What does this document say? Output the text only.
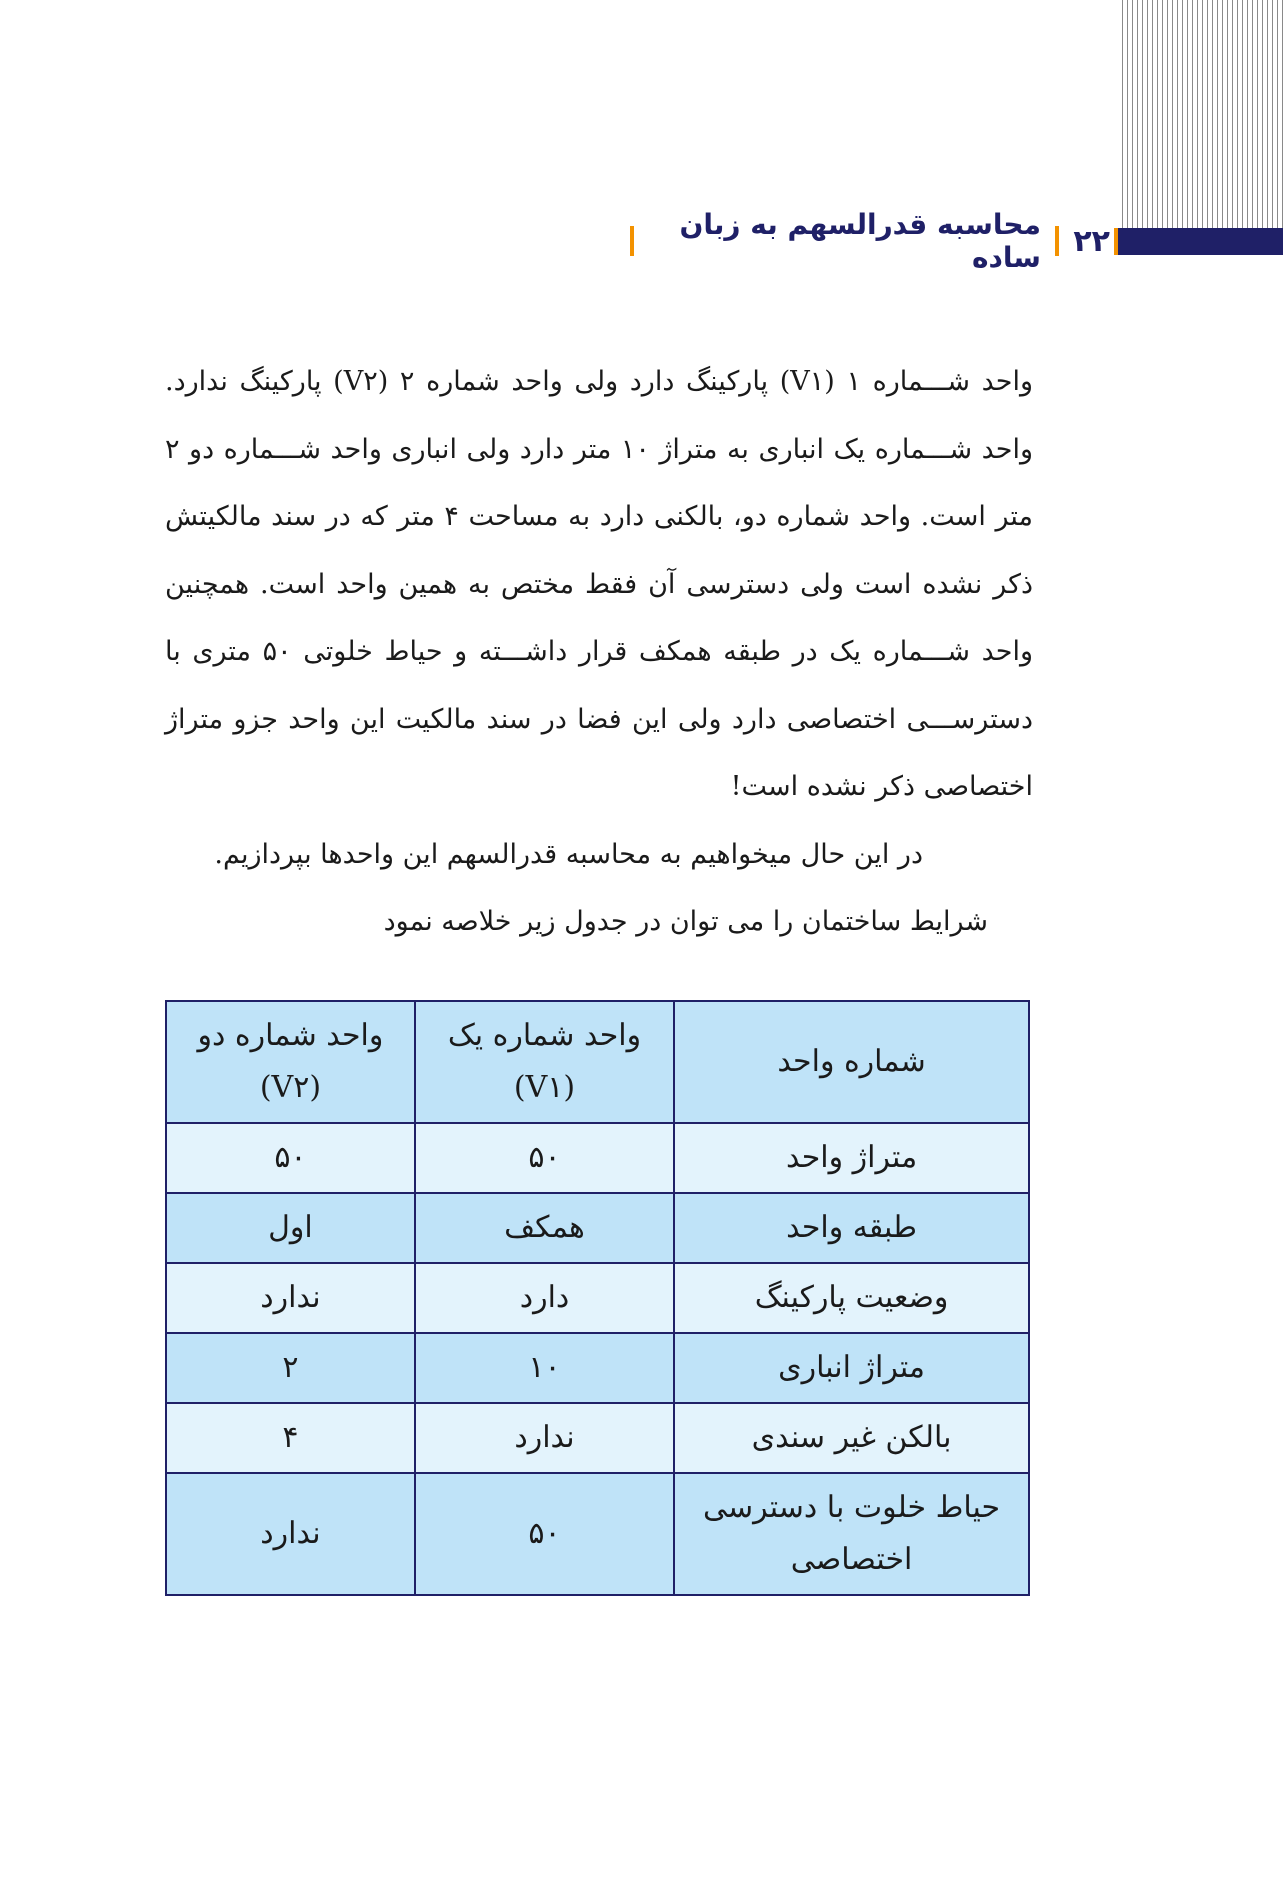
۲۲
محاسبه قدرالسهم به زبان ساده

واحد شـــماره ۱ (V۱) پارکینگ دارد ولی واحد شماره ۲ (V۲) پارکینگ ندارد. واحد شـــماره یک انباری به متراژ ۱۰ متر دارد ولی انباری واحد شـــماره دو ۲ متر است. واحد شماره دو، بالکنی دارد به مساحت ۴ متر که در سند مالکیتش ذکر نشده است ولی دسترسی آن فقط مختص به همین واحد است. همچنین واحد شـــماره یک در طبقه همکف قرار داشـــته و حیاط خلوتی ۵۰ متری با دسترســـی اختصاصی دارد ولی این فضا در سند مالکیت این واحد جزو متراژ اختصاصی ذکر نشده است!

در این حال میخواهیم به محاسبه قدرالسهم این واحدها بپردازیم.

شرایط ساختمان را می توان در جدول زیر خلاصه نمود

شماره واحد	واحد شماره یک (V۱)	واحد شماره دو (V۲)
متراژ واحد	۵۰	۵۰
طبقه واحد	همکف	اول
وضعیت پارکینگ	دارد	ندارد
متراژ انباری	۱۰	۲
بالکن غیر سندی	ندارد	۴
حیاط خلوت با دسترسی اختصاصی	۵۰	ندارد
